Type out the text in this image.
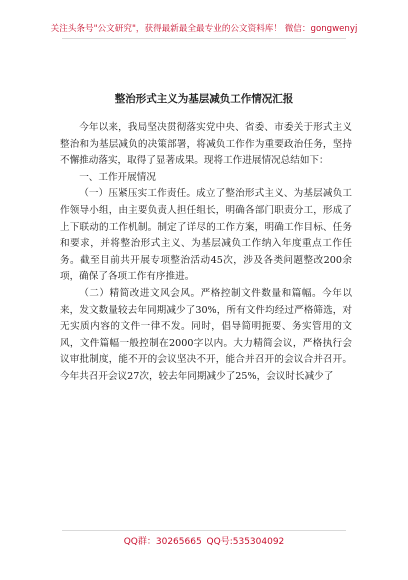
关注头条号"公文研究"，获得最新最全最专业的公文资料库！ 微信：gongwenyj
整治形式主义为基层减负工作情况汇报

今年以来，我局坚决贯彻落实党中央、省委、市委关于形式主义整治和为基层减负的决策部署，将减负工作作为重要政治任务，坚持不懈推动落实，取得了显著成果。现将工作进展情况总结如下：

一、工作开展情况

（一）压紧压实工作责任。成立了整治形式主义、为基层减负工作领导小组，由主要负责人担任组长，明确各部门职责分工，形成了上下联动的工作机制。制定了详尽的工作方案，明确工作目标、任务和要求，并将整治形式主义、为基层减负工作纳入年度重点工作任务。截至目前共开展专项整治活动45次，涉及各类问题整改200余项，确保了各项工作有序推进。

（二）精简改进文风会风。严格控制文件数量和篇幅。今年以来，发文数量较去年同期减少了30%，所有文件均经过严格筛选，对无实质内容的文件一律不发。同时，倡导简明扼要、务实管用的文风，文件篇幅一般控制在2000字以内。大力精简会议，严格执行会议审批制度，能不开的会议坚决不开，能合并召开的会议合并召开。今年共召开会议27次，较去年同期减少了25%，会议时长减少了

QQ群：30265665 QQ号:535304092
